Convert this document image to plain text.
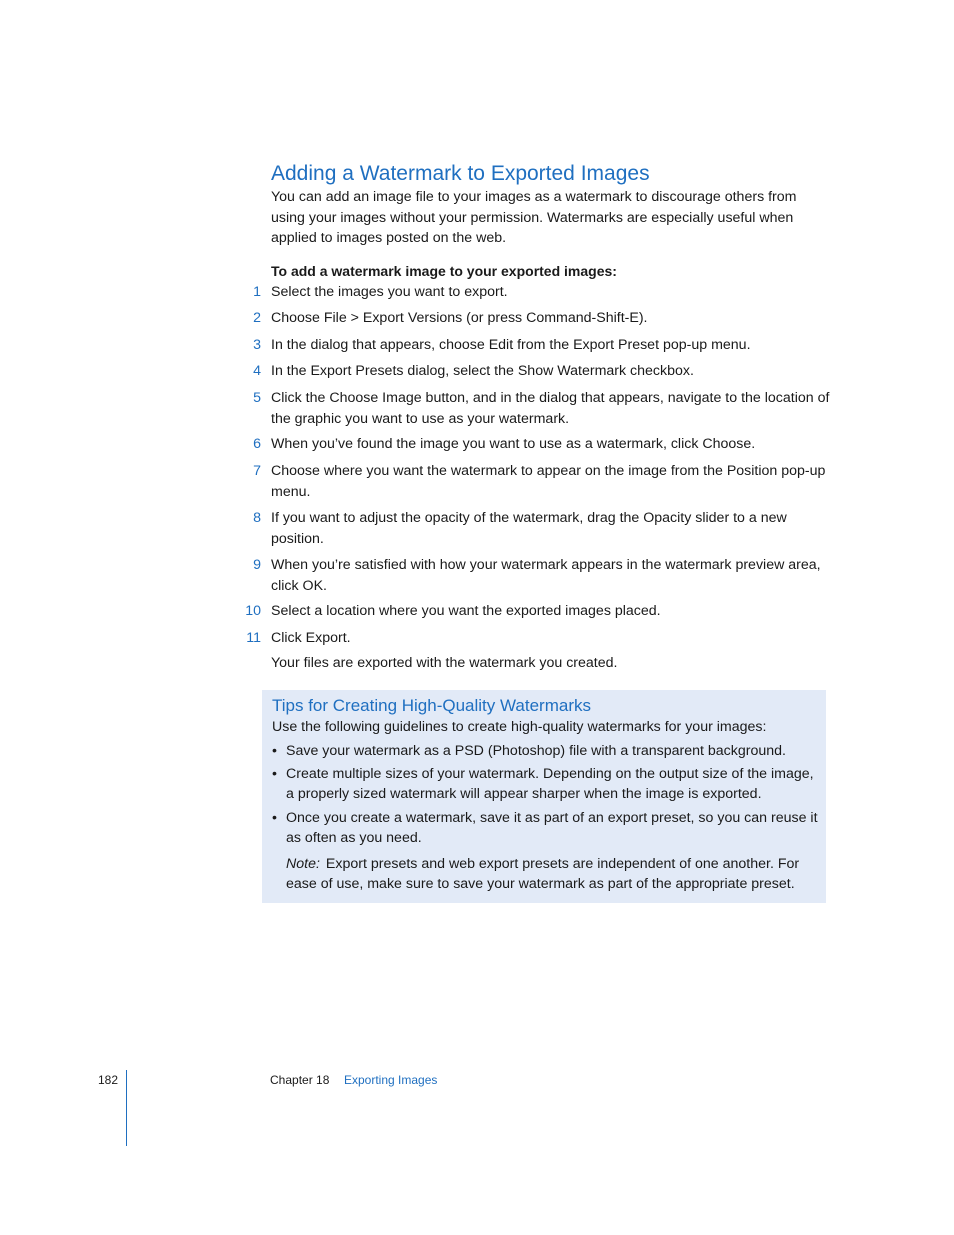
Adding a Watermark to Exported Images

You can add an image file to your images as a watermark to discourage others from using your images without your permission. Watermarks are especially useful when applied to images posted on the web.

To add a watermark image to your exported images:

1 Select the images you want to export.
2 Choose File > Export Versions (or press Command-Shift-E).
3 In the dialog that appears, choose Edit from the Export Preset pop-up menu.
4 In the Export Presets dialog, select the Show Watermark checkbox.
5 Click the Choose Image button, and in the dialog that appears, navigate to the location of the graphic you want to use as your watermark.
6 When you’ve found the image you want to use as a watermark, click Choose.
7 Choose where you want the watermark to appear on the image from the Position pop-up menu.
8 If you want to adjust the opacity of the watermark, drag the Opacity slider to a new position.
9 When you’re satisfied with how your watermark appears in the watermark preview area, click OK.
10 Select a location where you want the exported images placed.
11 Click Export.

Your files are exported with the watermark you created.

Tips for Creating High-Quality Watermarks

Use the following guidelines to create high-quality watermarks for your images:

• Save your watermark as a PSD (Photoshop) file with a transparent background.
• Create multiple sizes of your watermark. Depending on the output size of the image, a properly sized watermark will appear sharper when the image is exported.
• Once you create a watermark, save it as part of an export preset, so you can reuse it as often as you need.

Note: Export presets and web export presets are independent of one another. For ease of use, make sure to save your watermark as part of the appropriate preset.

182	Chapter 18 Exporting Images
